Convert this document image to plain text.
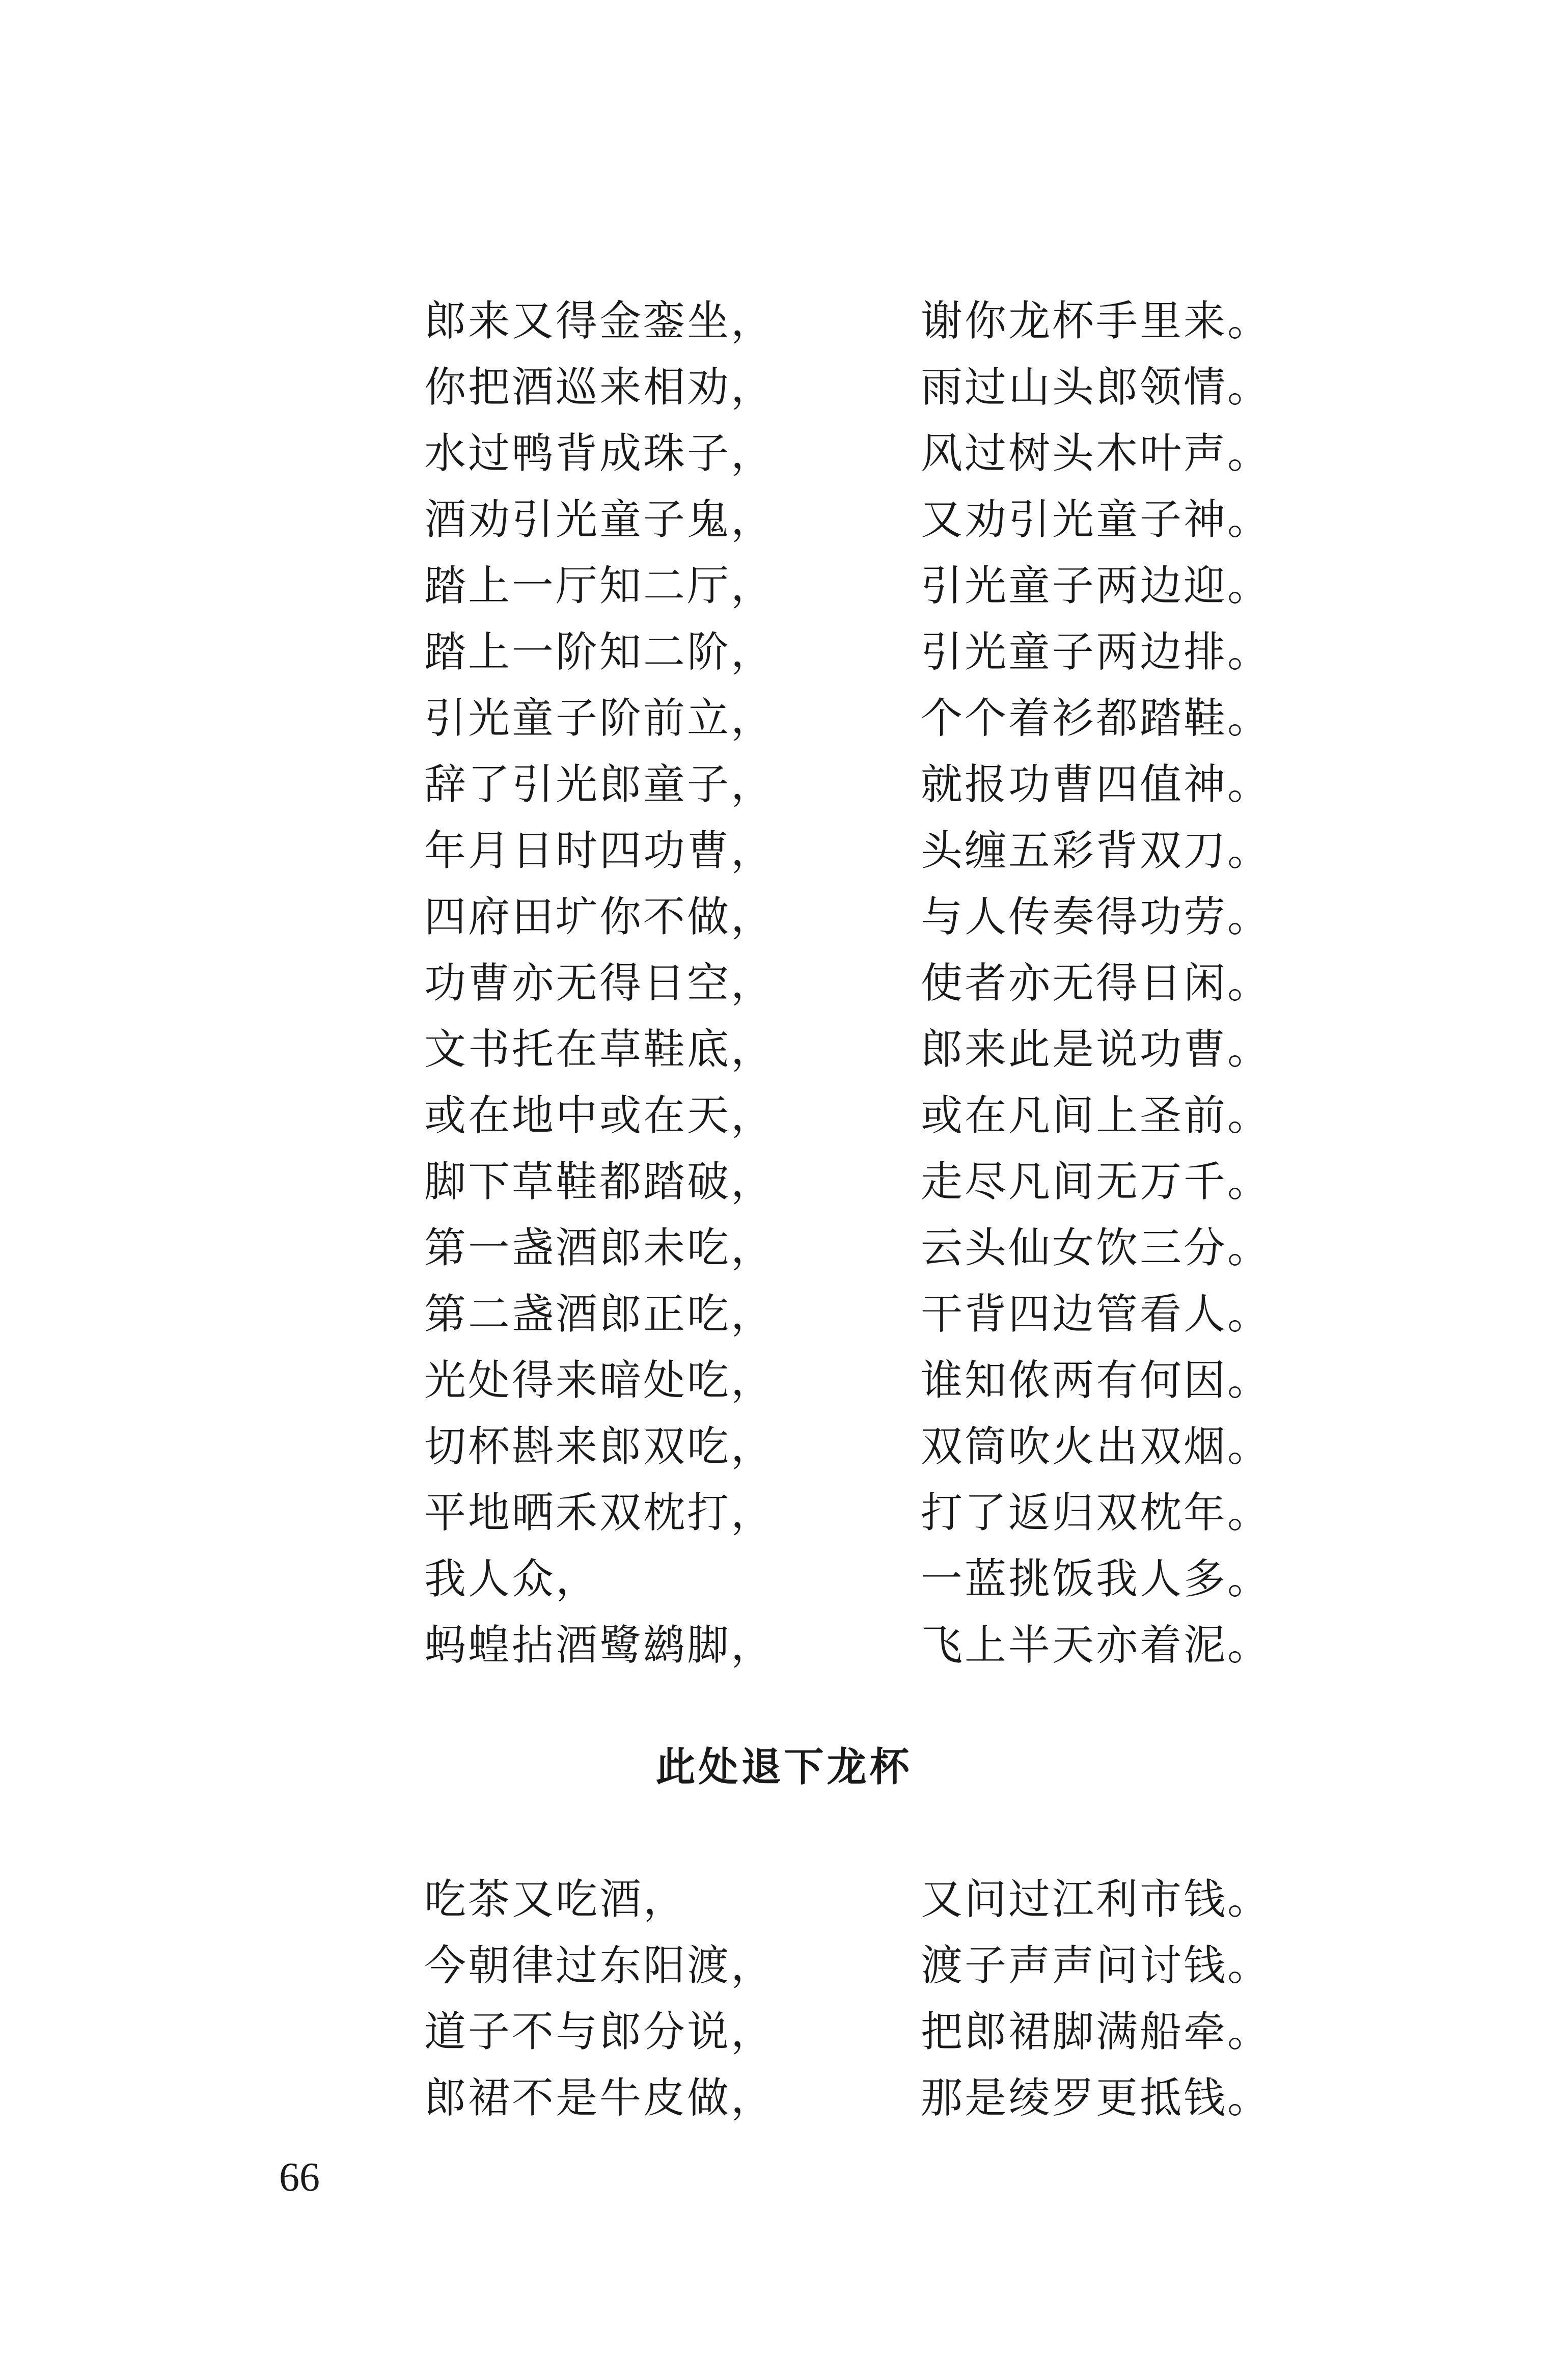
郎来又得金銮坐，	谢你龙杯手里来。
你把酒巡来相劝，	雨过山头郎领情。
水过鸭背成珠子，	风过树头木叶声。
酒劝引光童子鬼，	又劝引光童子神。
踏上一厅知二厅，	引光童子两边迎。
踏上一阶知二阶，	引光童子两边排。
引光童子阶前立，	个个着衫都踏鞋。
辞了引光郎童子，	就报功曹四值神。
年月日时四功曹，	头缠五彩背双刀。
四府田圹你不做，	与人传奏得功劳。
功曹亦无得日空，	使者亦无得日闲。
文书托在草鞋底，	郎来此是说功曹。
或在地中或在天，	或在凡间上圣前。
脚下草鞋都踏破，	走尽凡间无万千。
第一盏酒郎未吃，	云头仙女饮三分。
第二盏酒郎正吃，	干背四边管看人。
光处得来暗处吃，	谁知侬两有何因。
切杯斟来郎双吃，	双筒吹火出双烟。
平地晒禾双枕打，	打了返归双枕年。
我人众，	一蓝挑饭我人多。
蚂蝗拈酒鹭鹚脚，	飞上半天亦着泥。
此处退下龙杯
吃茶又吃酒，	又问过江利市钱。
今朝律过东阳渡，	渡子声声问讨钱。
道子不与郎分说，	把郎裙脚满船牵。
郎裙不是牛皮做，	那是绫罗更抵钱。
66
